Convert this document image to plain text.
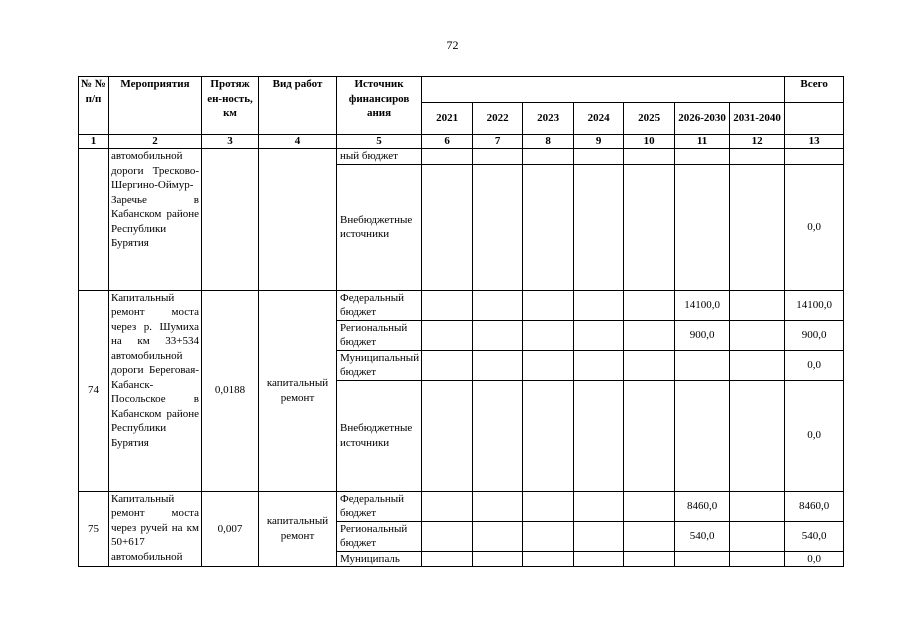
72
№ № п/п	Мероприятия	Протяж ен-ность, км	Вид работ	Источник финансиров ания								Всего
					2021	2022	2023	2024	2025	2026-2030	2031-2040	
1	2	3	4	5	6	7	8	9	10	11	12	13
	автомобильной дороги Тресково-Шергино-Оймур-Заречье в Кабанском районе Республики Бурятия			ный бюджет								
				Внебюджетные источники								0,0
74	Капитальный ремонт моста через р. Шумиха на км 33+534 автомобильной дороги Береговая-Кабанск-Посольское в Кабанском районе Республики Бурятия	0,0188	капитальный ремонт	Федеральный бюджет						14100,0		14100,0
				Региональный бюджет						900,0		900,0
				Муниципальный бюджет								0,0
				Внебюджетные источники								0,0
75	Капитальный ремонт моста через ручей на км 50+617 автомобильной	0,007	капитальный ремонт	Федеральный бюджет						8460,0		8460,0
				Региональный бюджет						540,0		540,0
				Муниципаль								0,0
